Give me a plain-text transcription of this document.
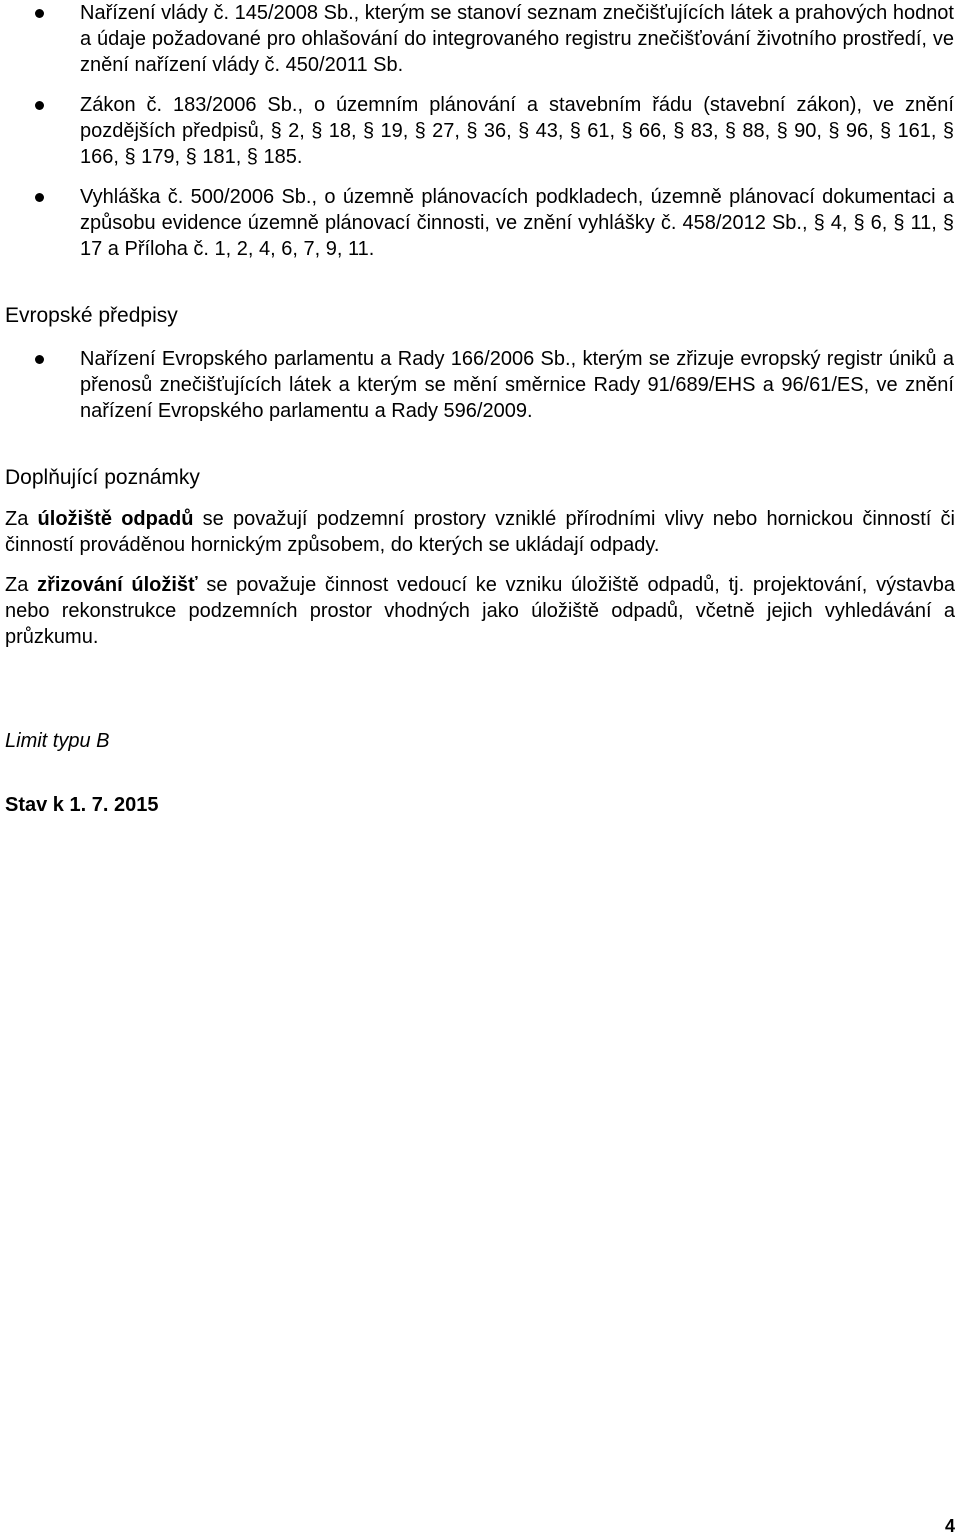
Nařízení vlády č. 145/2008 Sb., kterým se stanoví seznam znečišťujících látek a prahových hodnot a údaje požadované pro ohlašování do integrovaného registru znečišťování životního prostředí, ve znění nařízení vlády č. 450/2011 Sb.
Zákon č. 183/2006 Sb., o územním plánování a stavebním řádu (stavební zákon), ve znění pozdějších předpisů, § 2, § 18, § 19, § 27, § 36, § 43, § 61, § 66, § 83, § 88, § 90, § 96, § 161, § 166, § 179, § 181, § 185.
Vyhláška č. 500/2006 Sb., o územně plánovacích podkladech, územně plánovací dokumentaci a způsobu evidence územně plánovací činnosti, ve znění vyhlášky č. 458/2012 Sb., § 4, § 6, § 11, § 17 a Příloha č. 1, 2, 4, 6, 7, 9, 11.
Evropské předpisy
Nařízení Evropského parlamentu a Rady 166/2006 Sb., kterým se zřizuje evropský registr úniků a přenosů znečišťujících látek a kterým se mění směrnice Rady 91/689/EHS a 96/61/ES, ve znění nařízení Evropského parlamentu a Rady 596/2009.
Doplňující poznámky

Za úložiště odpadů se považují podzemní prostory vzniklé přírodními vlivy nebo hornickou činností či činností prováděnou hornickým způsobem, do kterých se ukládají odpady.

Za zřizování úložišť se považuje činnost vedoucí ke vzniku úložiště odpadů, tj. projektování, výstavba nebo rekonstrukce podzemních prostor vhodných jako úložiště odpadů, včetně jejich vyhledávání a průzkumu.

Limit typu B
Stav k 1. 7. 2015
4
